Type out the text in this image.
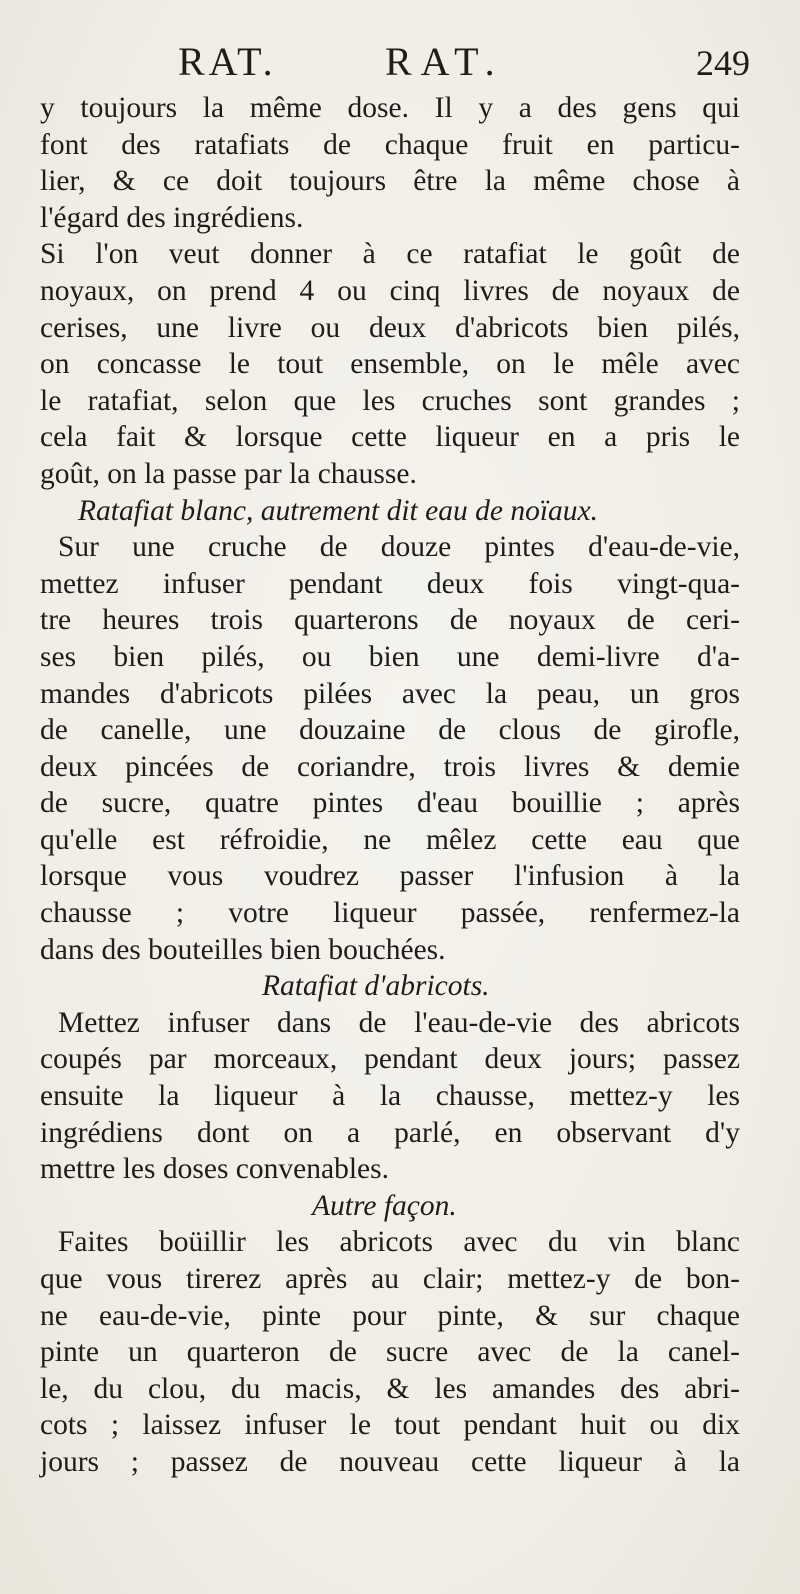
RAT.	RAT.	249
y toujours la même dose. Il y a des gens qui
font des ratafiats de chaque fruit en particu-
lier, & ce doit toujours être la même chose à
l'égard des ingrédiens.
Si l'on veut donner à ce ratafiat le goût de
noyaux, on prend 4 ou cinq livres de noyaux de
cerises, une livre ou deux d'abricots bien pilés,
on concasse le tout ensemble, on le mêle avec
le ratafiat, selon que les cruches sont grandes ;
cela fait & lorsque cette liqueur en a pris le
goût, on la passe par la chausse.
Ratafiat blanc, autrement dit eau de noïaux.
Sur une cruche de douze pintes d'eau-de-vie,
mettez infuser pendant deux fois vingt-qua-
tre heures trois quarterons de noyaux de ceri-
ses bien pilés, ou bien une demi-livre d'a-
mandes d'abricots pilées avec la peau, un gros
de canelle, une douzaine de clous de girofle,
deux pincées de coriandre, trois livres & demie
de sucre, quatre pintes d'eau bouillie ; après
qu'elle est réfroidie, ne mêlez cette eau que
lorsque vous voudrez passer l'infusion à la
chausse ; votre liqueur passée, renfermez-la
dans des bouteilles bien bouchées.
Ratafiat d'abricots.
Mettez infuser dans de l'eau-de-vie des abricots
coupés par morceaux, pendant deux jours; passez
ensuite la liqueur à la chausse, mettez-y les
ingrédiens dont on a parlé, en observant d'y
mettre les doses convenables.
Autre façon.
Faites boüillir les abricots avec du vin blanc
que vous tirerez après au clair; mettez-y de bon-
ne eau-de-vie, pinte pour pinte, & sur chaque
pinte un quarteron de sucre avec de la canel-
le, du clou, du macis, & les amandes des abri-
cots ; laissez infuser le tout pendant huit ou dix
jours ; passez de nouveau cette liqueur à la
